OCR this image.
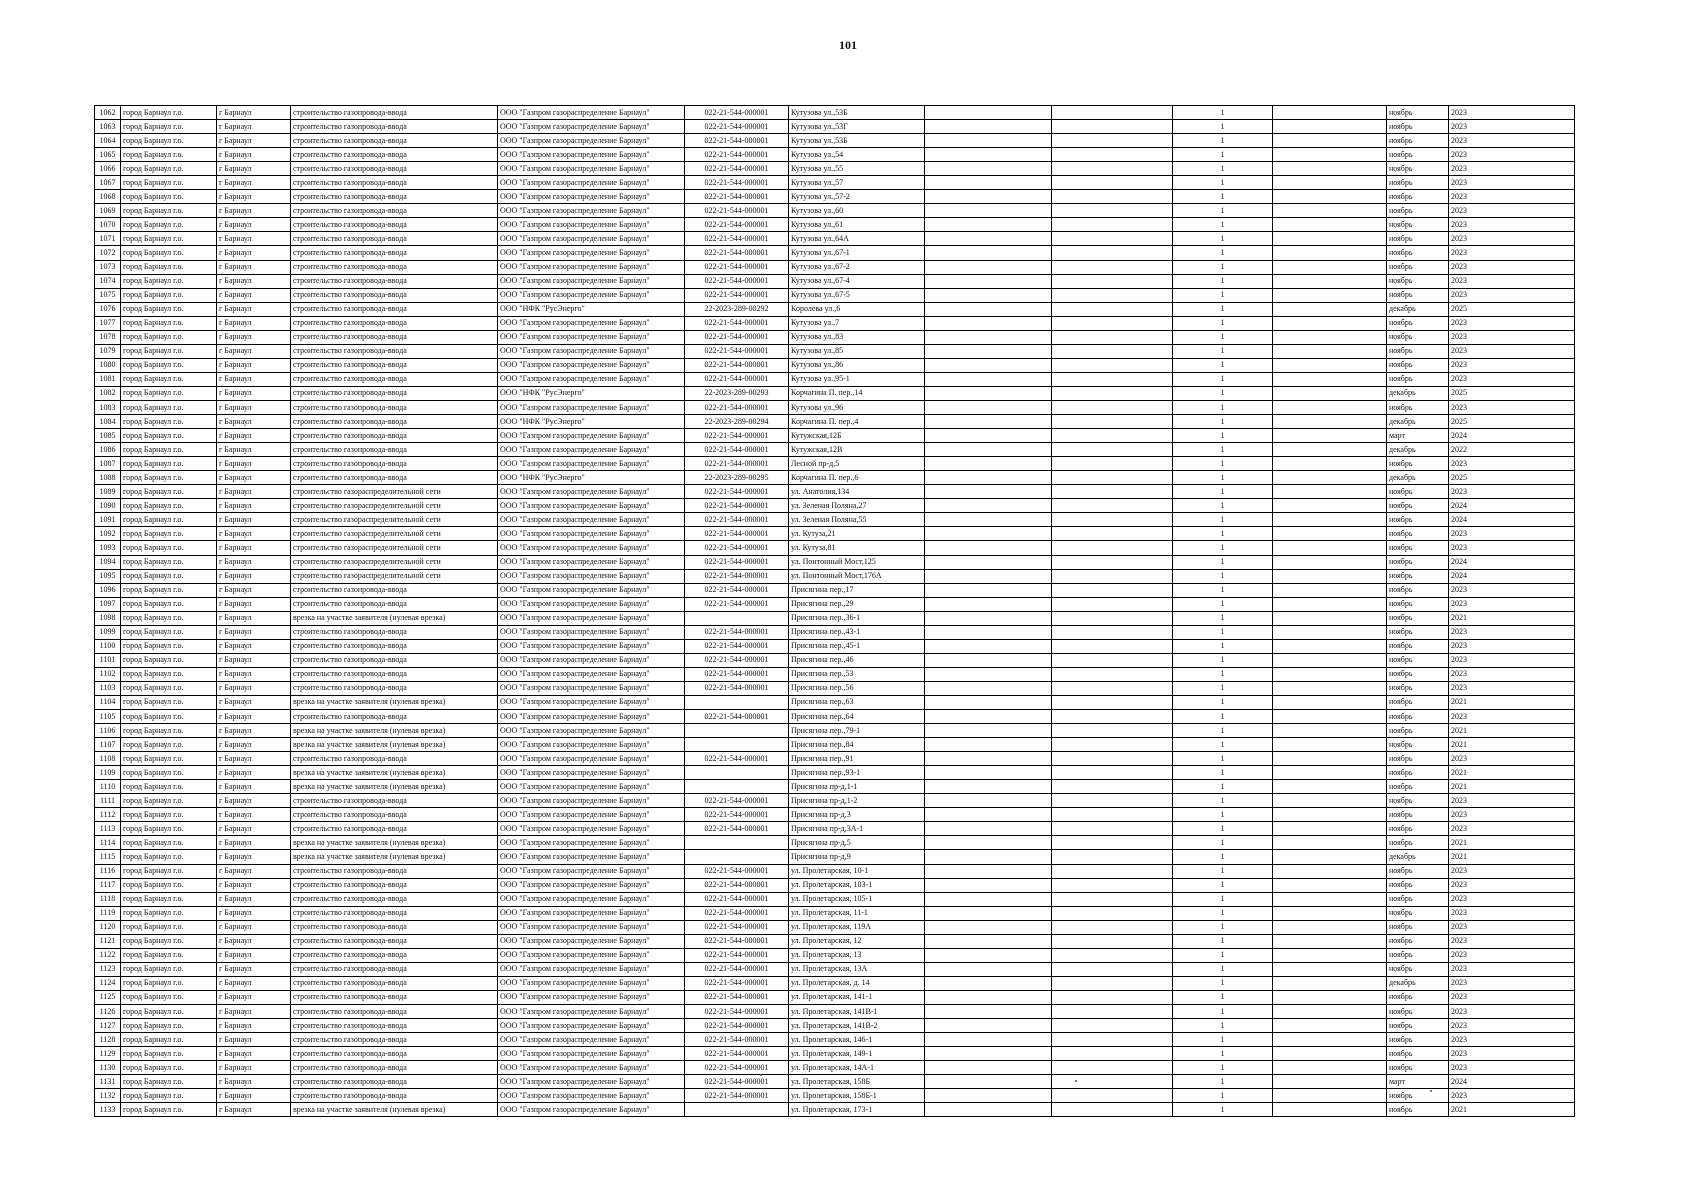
101
1062	город Барнаул г.о.	г Барнаул	строительство газопровода-ввода	ООО "Газпром газораспределение Барнаул"	022-21-544-000001	Кутузова ул.,53Б			1		ноябрь	2023
1063	город Барнаул г.о.	г Барнаул	строительство газопровода-ввода	ООО "Газпром газораспределение Барнаул"	022-21-544-000001	Кутузова ул.,53Г			1		ноябрь	2023
1064	город Барнаул г.о.	г Барнаул	строительство газопровода-ввода	ООО "Газпром газораспределение Барнаул"	022-21-544-000001	Кутузова ул.,53Б			1		ноябрь	2023
1065	город Барнаул г.о.	г Барнаул	строительство газопровода-ввода	ООО "Газпром газораспределение Барнаул"	022-21-544-000001	Кутузова ул.,54			1		ноябрь	2023
1066	город Барнаул г.о.	г Барнаул	строительство газопровода-ввода	ООО "Газпром газораспределение Барнаул"	022-21-544-000001	Кутузова ул.,55			1		ноябрь	2023
1067	город Барнаул г.о.	г Барнаул	строительство газопровода-ввода	ООО "Газпром газораспределение Барнаул"	022-21-544-000001	Кутузова ул.,57			1		ноябрь	2023
1068	город Барнаул г.о.	г Барнаул	строительство газопровода-ввода	ООО "Газпром газораспределение Барнаул"	022-21-544-000001	Кутузова ул.,57-2			1		ноябрь	2023
1069	город Барнаул г.о.	г Барнаул	строительство газопровода-ввода	ООО "Газпром газораспределение Барнаул"	022-21-544-000001	Кутузова ул.,60			1		ноябрь	2023
1070	город Барнаул г.о.	г Барнаул	строительство газопровода-ввода	ООО "Газпром газораспределение Барнаул"	022-21-544-000001	Кутузова ул.,61			1		ноябрь	2023
1071	город Барнаул г.о.	г Барнаул	строительство газопровода-ввода	ООО "Газпром газораспределение Барнаул"	022-21-544-000001	Кутузова ул.,64А			1		ноябрь	2023
1072	город Барнаул г.о.	г Барнаул	строительство газопровода-ввода	ООО "Газпром газораспределение Барнаул"	022-21-544-000001	Кутузова ул.,67-1			1		ноябрь	2023
1073	город Барнаул г.о.	г Барнаул	строительство газопровода-ввода	ООО "Газпром газораспределение Барнаул"	022-21-544-000001	Кутузова ул.,67-2			1		ноябрь	2023
1074	город Барнаул г.о.	г Барнаул	строительство газопровода-ввода	ООО "Газпром газораспределение Барнаул"	022-21-544-000001	Кутузова ул.,67-4			1		ноябрь	2023
1075	город Барнаул г.о.	г Барнаул	строительство газопровода-ввода	ООО "Газпром газораспределение Барнаул"	022-21-544-000001	Кутузова ул.,67-5			1		ноябрь	2023
1076	город Барнаул г.о.	г Барнаул	строительство газопровода-ввода	ООО "НФК "РусЭнерго"	22-2023-289-00292	Королева ул.,6			1		декабрь	2025
1077	город Барнаул г.о.	г Барнаул	строительство газопровода-ввода	ООО "Газпром газораспределение Барнаул"	022-21-544-000001	Кутузова ул.,7			1		ноябрь	2023
1078	город Барнаул г.о.	г Барнаул	строительство газопровода-ввода	ООО "Газпром газораспределение Барнаул"	022-21-544-000001	Кутузова ул.,83			1		ноябрь	2023
1079	город Барнаул г.о.	г Барнаул	строительство газопровода-ввода	ООО "Газпром газораспределение Барнаул"	022-21-544-000001	Кутузова ул.,85			1		ноябрь	2023
1080	город Барнаул г.о.	г Барнаул	строительство газопровода-ввода	ООО "Газпром газораспределение Барнаул"	022-21-544-000001	Кутузова ул.,86			1		ноябрь	2023
1081	город Барнаул г.о.	г Барнаул	строительство газопровода-ввода	ООО "Газпром газораспределение Барнаул"	022-21-544-000001	Кутузова ул.,95-1			1		ноябрь	2023
1082	город Барнаул г.о.	г Барнаул	строительство газопровода-ввода	ООО "НФК "РусЭнерго"	22-2023-289-00293	Корчагина П. пер.,14			1		декабрь	2025
1083	город Барнаул г.о.	г Барнаул	строительство газопровода-ввода	ООО "Газпром газораспределение Барнаул"	022-21-544-000001	Кутузова ул.,96			1		ноябрь	2023
1084	город Барнаул г.о.	г Барнаул	строительство газопровода-ввода	ООО "НФК "РусЭнерго"	22-2023-289-00294	Корчагина П. пер.,4			1		декабрь	2025
1085	город Барнаул г.о.	г Барнаул	строительство газопровода-ввода	ООО "Газпром газораспределение Барнаул"	022-21-544-000001	Кутужская,12Б			1		март	2024
1086	город Барнаул г.о.	г Барнаул	строительство газопровода-ввода	ООО "Газпром газораспределение Барнаул"	022-21-544-000001	Кутужская,12В			1		декабрь	2022
1087	город Барнаул г.о.	г Барнаул	строительство газопровода-ввода	ООО "Газпром газораспределение Барнаул"	022-21-544-000001	Лесной пр-д,5			1		ноябрь	2023
1088	город Барнаул г.о.	г Барнаул	строительство газопровода-ввода	ООО "НФК "РусЭнерго"	22-2023-289-00295	Корчагина П. пер.,6			1		декабрь	2025
1089	город Барнаул г.о.	г Барнаул	строительство газораспределительной сети	ООО "Газпром газораспределение Барнаул"	022-21-544-000001	ул. Анатолия,134			1		ноябрь	2023
1090	город Барнаул г.о.	г Барнаул	строительство газораспределительной сети	ООО "Газпром газораспределение Барнаул"	022-21-544-000001	ул. Зеленая Поляна,27			1		ноябрь	2024
1091	город Барнаул г.о.	г Барнаул	строительство газораспределительной сети	ООО "Газпром газораспределение Барнаул"	022-21-544-000001	ул. Зеленая Поляна,55			1		ноябрь	2024
1092	город Барнаул г.о.	г Барнаул	строительство газораспределительной сети	ООО "Газпром газораспределение Барнаул"	022-21-544-000001	ул. Кутуза,21			1		ноябрь	2023
1093	город Барнаул г.о.	г Барнаул	строительство газораспределительной сети	ООО "Газпром газораспределение Барнаул"	022-21-544-000001	ул. Кутуза,81			1		ноябрь	2023
1094	город Барнаул г.о.	г Барнаул	строительство газораспределительной сети	ООО "Газпром газораспределение Барнаул"	022-21-544-000001	ул. Понтонный Мост,125			1		ноябрь	2024
1095	город Барнаул г.о.	г Барнаул	строительство газораспределительной сети	ООО "Газпром газораспределение Барнаул"	022-21-544-000001	ул. Понтонный Мост,176А			1		ноябрь	2024
1096	город Барнаул г.о.	г Барнаул	строительство газопровода-ввода	ООО "Газпром газораспределение Барнаул"	022-21-544-000001	Присягина пер.,17			1		ноябрь	2023
1097	город Барнаул г.о.	г Барнаул	строительство газопровода-ввода	ООО "Газпром газораспределение Барнаул"	022-21-544-000001	Присягина пер.,29			1		ноябрь	2023
1098	город Барнаул г.о.	г Барнаул	врезка на участке заявителя (нулевая врезка)	ООО "Газпром газораспределение Барнаул"		Присягина пер.,36-1			1		ноябрь	2021
1099	город Барнаул г.о.	г Барнаул	строительство газопровода-ввода	ООО "Газпром газораспределение Барнаул"	022-21-544-000001	Присягина пер.,43-1			1		ноябрь	2023
1100	город Барнаул г.о.	г Барнаул	строительство газопровода-ввода	ООО "Газпром газораспределение Барнаул"	022-21-544-000001	Присягина пер.,45-1			1		ноябрь	2023
1101	город Барнаул г.о.	г Барнаул	строительство газопровода-ввода	ООО "Газпром газораспределение Барнаул"	022-21-544-000001	Присягина пер.,46			1		ноябрь	2023
1102	город Барнаул г.о.	г Барнаул	строительство газопровода-ввода	ООО "Газпром газораспределение Барнаул"	022-21-544-000001	Присягина пер.,53			1		ноябрь	2023
1103	город Барнаул г.о.	г Барнаул	строительство газопровода-ввода	ООО "Газпром газораспределение Барнаул"	022-21-544-000001	Присягина пер.,56			1		ноябрь	2023
1104	город Барнаул г.о.	г Барнаул	врезка на участке заявителя (нулевая врезка)	ООО "Газпром газораспределение Барнаул"		Присягина пер.,63			1		ноябрь	2021
1105	город Барнаул г.о.	г Барнаул	строительство газопровода-ввода	ООО "Газпром газораспределение Барнаул"	022-21-544-000001	Присягина пер.,64			1		ноябрь	2023
1106	город Барнаул г.о.	г Барнаул	врезка на участке заявителя (нулевая врезка)	ООО "Газпром газораспределение Барнаул"		Присягина пер.,79-1			1		ноябрь	2021
1107	город Барнаул г.о.	г Барнаул	врезка на участке заявителя (нулевая врезка)	ООО "Газпром газораспределение Барнаул"		Присягина пер.,84			1		ноябрь	2021
1108	город Барнаул г.о.	г Барнаул	строительство газопровода-ввода	ООО "Газпром газораспределение Барнаул"	022-21-544-000001	Присягина пер.,91			1		ноябрь	2023
1109	город Барнаул г.о.	г Барнаул	врезка на участке заявителя (нулевая врезка)	ООО "Газпром газораспределение Барнаул"		Присягина пер.,93-1			1		ноябрь	2021
1110	город Барнаул г.о.	г Барнаул	врезка на участке заявителя (нулевая врезка)	ООО "Газпром газораспределение Барнаул"		Присягина пр-д,1-1			1		ноябрь	2021
1111	город Барнаул г.о.	г Барнаул	строительство газопровода-ввода	ООО "Газпром газораспределение Барнаул"	022-21-544-000001	Присягина пр-д,1-2			1		ноябрь	2023
1112	город Барнаул г.о.	г Барнаул	строительство газопровода-ввода	ООО "Газпром газораспределение Барнаул"	022-21-544-000001	Присягина пр-д,3			1		ноябрь	2023
1113	город Барнаул г.о.	г Барнаул	строительство газопровода-ввода	ООО "Газпром газораспределение Барнаул"	022-21-544-000001	Присягина пр-д,3А-1			1		ноябрь	2023
1114	город Барнаул г.о.	г Барнаул	врезка на участке заявителя (нулевая врезка)	ООО "Газпром газораспределение Барнаул"		Присягина пр-д,5			1		ноябрь	2021
1115	город Барнаул г.о.	г Барнаул	врезка на участке заявителя (нулевая врезка)	ООО "Газпром газораспределение Барнаул"		Присягина пр-д,9			1		декабрь	2021
1116	город Барнаул г.о.	г Барнаул	строительство газопровода-ввода	ООО "Газпром газораспределение Барнаул"	022-21-544-000001	ул. Пролетарская, 10-1			1		ноябрь	2023
1117	город Барнаул г.о.	г Барнаул	строительство газопровода-ввода	ООО "Газпром газораспределение Барнаул"	022-21-544-000001	ул. Пролетарская, 103-1			1		ноябрь	2023
1118	город Барнаул г.о.	г Барнаул	строительство газопровода-ввода	ООО "Газпром газораспределение Барнаул"	022-21-544-000001	ул. Пролетарская, 105-1			1		ноябрь	2023
1119	город Барнаул г.о.	г Барнаул	строительство газопровода-ввода	ООО "Газпром газораспределение Барнаул"	022-21-544-000001	ул. Пролетарская, 11-1			1		ноябрь	2023
1120	город Барнаул г.о.	г Барнаул	строительство газопровода-ввода	ООО "Газпром газораспределение Барнаул"	022-21-544-000001	ул. Пролетарская, 119А			1		ноябрь	2023
1121	город Барнаул г.о.	г Барнаул	строительство газопровода-ввода	ООО "Газпром газораспределение Барнаул"	022-21-544-000001	ул. Пролетарская, 12			1		ноябрь	2023
1122	город Барнаул г.о.	г Барнаул	строительство газопровода-ввода	ООО "Газпром газораспределение Барнаул"	022-21-544-000001	ул. Пролетарская, 13			1		ноябрь	2023
1123	город Барнаул г.о.	г Барнаул	строительство газопровода-ввода	ООО "Газпром газораспределение Барнаул"	022-21-544-000001	ул. Пролетарская, 13А			1		ноябрь	2023
1124	город Барнаул г.о.	г Барнаул	строительство газопровода-ввода	ООО "Газпром газораспределение Барнаул"	022-21-544-000001	ул. Пролетарская, д. 14			1		декабрь	2023
1125	город Барнаул г.о.	г Барнаул	строительство газопровода-ввода	ООО "Газпром газораспределение Барнаул"	022-21-544-000001	ул. Пролетарская, 141-1			1		ноябрь	2023
1126	город Барнаул г.о.	г Барнаул	строительство газопровода-ввода	ООО "Газпром газораспределение Барнаул"	022-21-544-000001	ул. Пролетарская, 141В-1			1		ноябрь	2023
1127	город Барнаул г.о.	г Барнаул	строительство газопровода-ввода	ООО "Газпром газораспределение Барнаул"	022-21-544-000001	ул. Пролетарская, 141В-2			1		ноябрь	2023
1128	город Барнаул г.о.	г Барнаул	строительство газопровода-ввода	ООО "Газпром газораспределение Барнаул"	022-21-544-000001	ул. Пролетарская, 146-1			1		ноябрь	2023
1129	город Барнаул г.о.	г Барнаул	строительство газопровода-ввода	ООО "Газпром газораспределение Барнаул"	022-21-544-000001	ул. Пролетарская, 149-1			1		ноябрь	2023
1130	город Барнаул г.о.	г Барнаул	строительство газопровода-ввода	ООО "Газпром газораспределение Барнаул"	022-21-544-000001	ул. Пролетарская, 14А-1			1		ноябрь	2023
1131	город Барнаул г.о.	г Барнаул	строительство газопровода-ввода	ООО "Газпром газораспределение Барнаул"	022-21-544-000001	ул. Пролетарская, 158Б			1		март	2024
1132	город Барнаул г.о.	г Барнаул	строительство газопровода-ввода	ООО "Газпром газораспределение Барнаул"	022-21-544-000001	ул. Пролетарская, 158Б-1			1		ноябрь	2023
1133	город Барнаул г.о.	г Барнаул	врезка на участке заявителя (нулевая врезка)	ООО "Газпром газораспределение Барнаул"		ул. Пролетарская, 173-1			1		ноябрь	2021
